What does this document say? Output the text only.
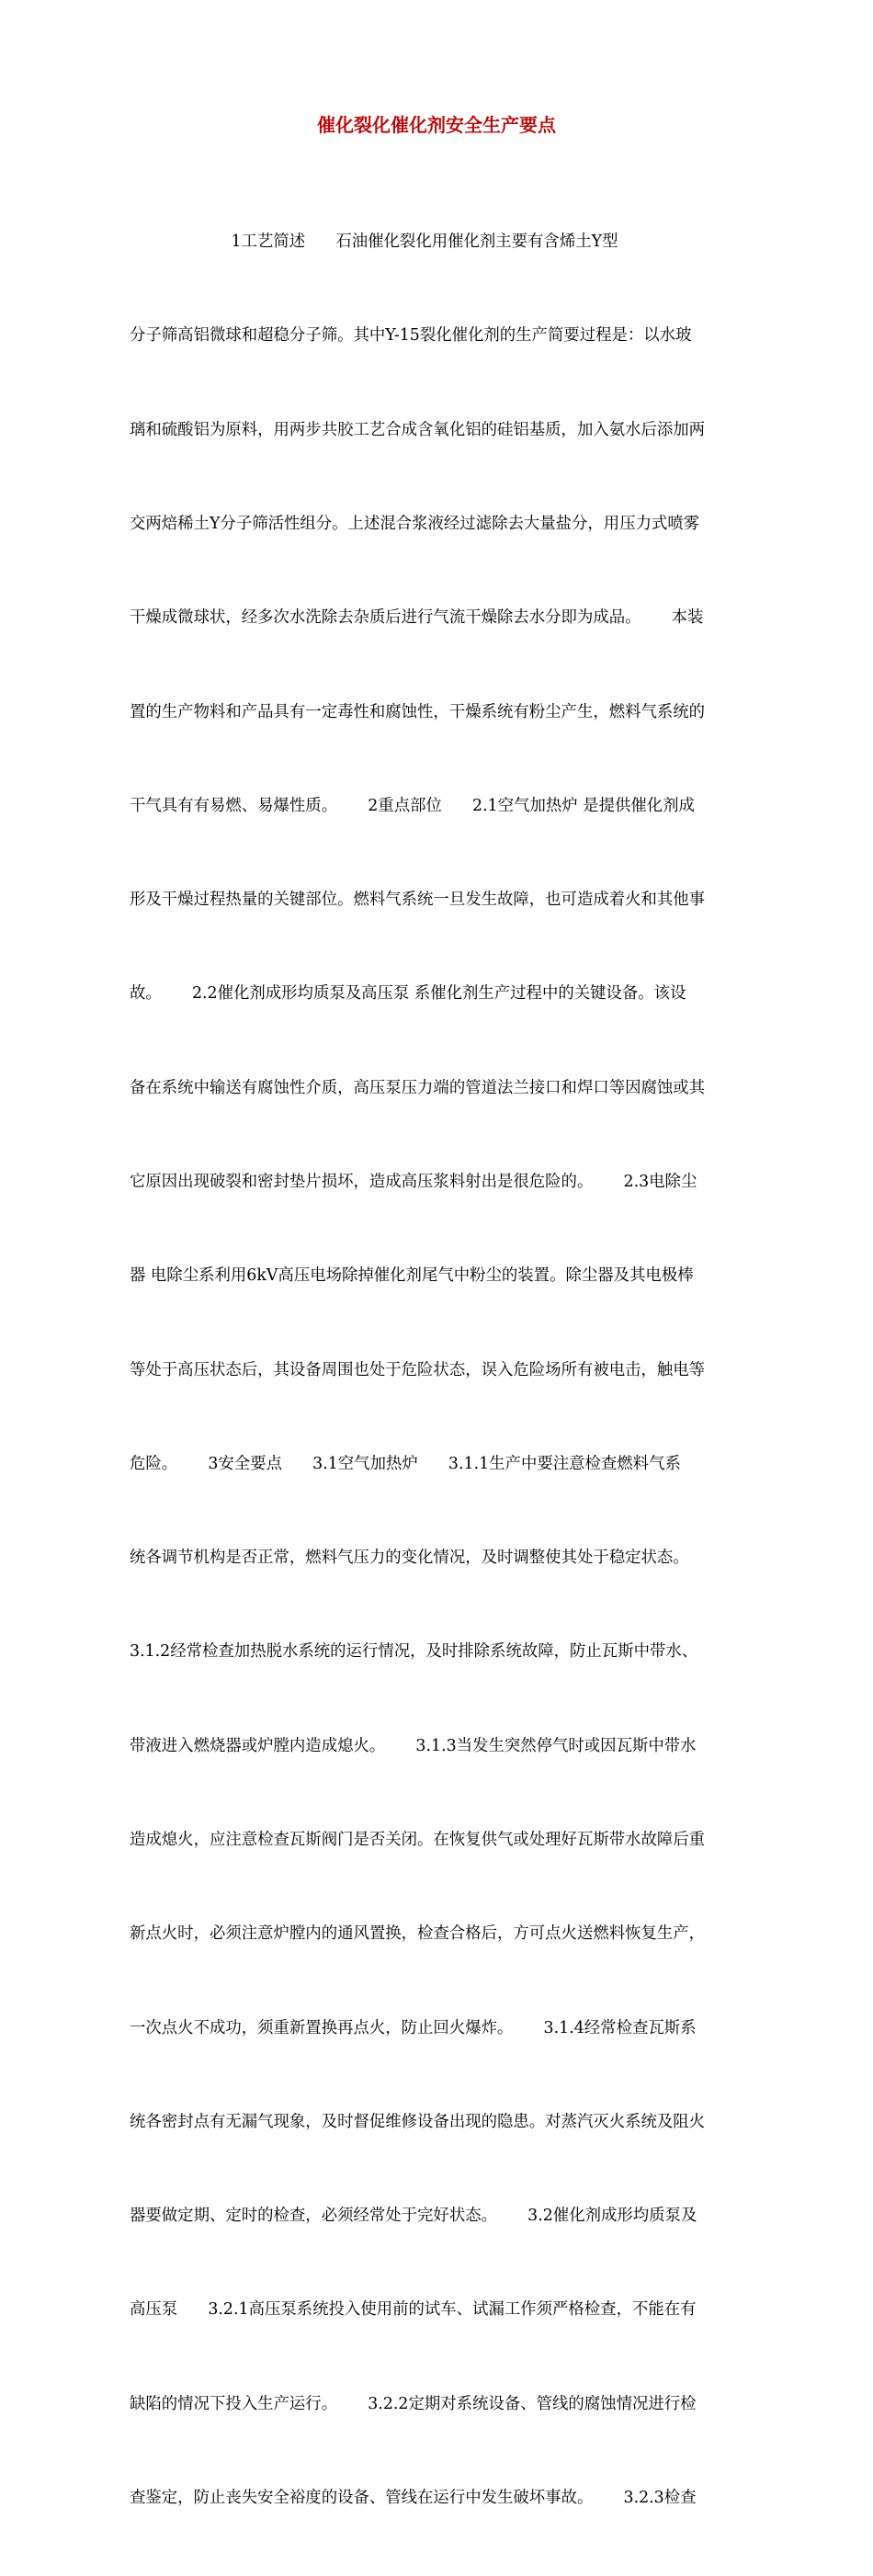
催化裂化催化剂安全生产要点

1工艺简述      石油催化裂化用催化剂主要有含烯土Y型

分子筛高铝微球和超稳分子筛。其中Y-15裂化催化剂的生产简要过程是：以水玻

璃和硫酸铝为原料，用两步共胶工艺合成含氧化铝的硅铝基质，加入氨水后添加两

交两焙稀土Y分子筛活性组分。上述混合浆液经过滤除去大量盐分，用压力式喷雾

干燥成微球状，经多次水洗除去杂质后进行气流干燥除去水分即为成品。      本装

置的生产物料和产品具有一定毒性和腐蚀性，干燥系统有粉尘产生，燃料气系统的

干气具有有易燃、易爆性质。      2重点部位      2.1空气加热炉 是提供催化剂成

形及干燥过程热量的关键部位。燃料气系统一旦发生故障，也可造成着火和其他事

故。      2.2催化剂成形均质泵及高压泵 系催化剂生产过程中的关键设备。该设

备在系统中输送有腐蚀性介质，高压泵压力端的管道法兰接口和焊口等因腐蚀或其

它原因出现破裂和密封垫片损坏，造成高压浆料射出是很危险的。      2.3电除尘

器 电除尘系利用6kV高压电场除掉催化剂尾气中粉尘的装置。除尘器及其电极棒

等处于高压状态后，其设备周围也处于危险状态，误入危险场所有被电击，触电等

危险。      3安全要点      3.1空气加热炉      3.1.1生产中要注意检查燃料气系

统各调节机构是否正常，燃料气压力的变化情况，及时调整使其处于稳定状态。

3.1.2经常检查加热脱水系统的运行情况，及时排除系统故障，防止瓦斯中带水、

带液进入燃烧器或炉膛内造成熄火。      3.1.3当发生突然停气时或因瓦斯中带水

造成熄火，应注意检查瓦斯阀门是否关闭。在恢复供气或处理好瓦斯带水故障后重

新点火时，必须注意炉膛内的通风置换，检查合格后，方可点火送燃料恢复生产，

一次点火不成功，须重新置换再点火，防止回火爆炸。      3.1.4经常检查瓦斯系

统各密封点有无漏气现象，及时督促维修设备出现的隐患。对蒸汽灭火系统及阻火

器要做定期、定时的检查，必须经常处于完好状态。      3.2催化剂成形均质泵及

高压泵      3.2.1高压泵系统投入使用前的试车、试漏工作须严格检查，不能在有

缺陷的情况下投入生产运行。      3.2.2定期对系统设备、管线的腐蚀情况进行检

查鉴定，防止丧失安全裕度的设备、管线在运行中发生破坏事故。      3.2.3检查
